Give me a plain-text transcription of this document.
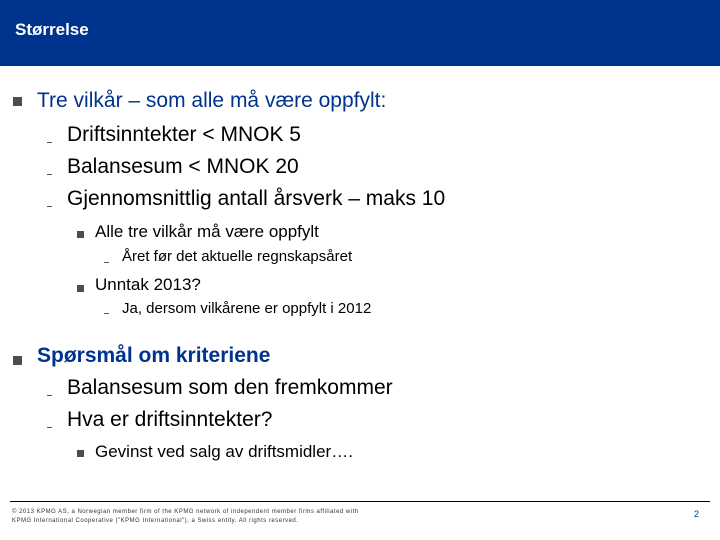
Størrelse
Tre vilkår – som alle må være oppfylt:
Driftsinntekter < MNOK 5
Balansesum < MNOK 20
Gjennomsnittlig antall årsverk – maks 10
Alle tre vilkår må være oppfylt
Året før det aktuelle regnskapsåret
Unntak 2013?
Ja, dersom vilkårene er oppfylt i 2012
Spørsmål om kriteriene
Balansesum som den fremkommer
Hva er driftsinntekter?
Gevinst ved salg av driftsmidler….
© 2013 KPMG AS, a Norwegian member firm of the KPMG network of independent member firms affiliated with
KPMG International Cooperative ("KPMG International"), a Swiss entity. All rights reserved.
2
